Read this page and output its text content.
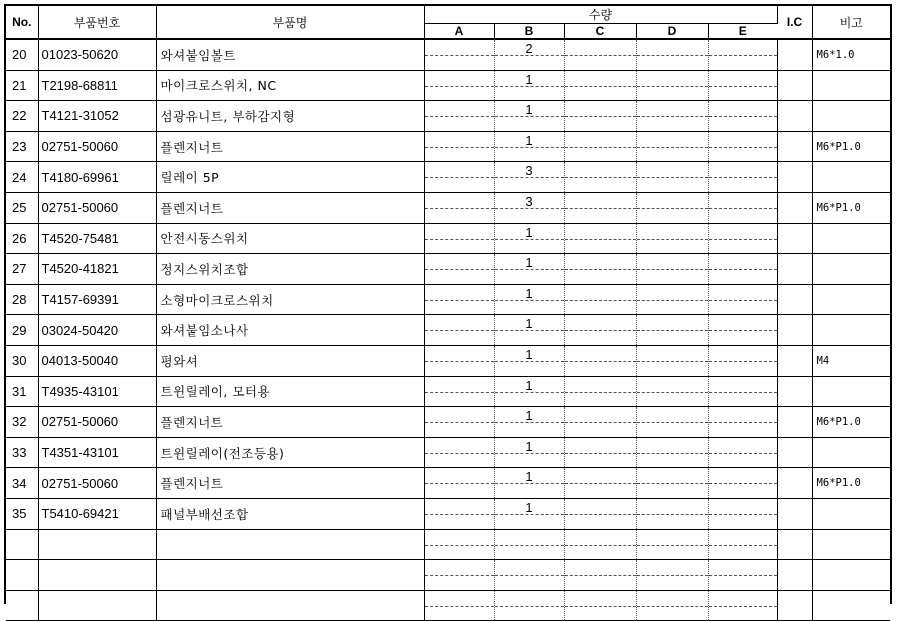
No.	부품번호	부품명	수량					I.C	비고
			A	B	C	D	E		
20	01023-50620	와셔붙임볼트		2					M6*1.0
21	T2198-68811	마이크로스위치, NC		1					

22	T4121-31052	섬광유니트, 부하감지형		1					

23	02751-50060	플렌지너트		1					M6*P1.0
24	T4180-69961	릴레이 5P		3					

25	02751-50060	플렌지너트		3					M6*P1.0
26	T4520-75481	안전시동스위치		1					

27	T4520-41821	정지스위치조합		1					

28	T4157-69391	소형마이크로스위치		1					

29	03024-50420	와셔붙임소나사		1					

30	04013-50040	평와셔		1					M4
31	T4935-43101	트윈릴레이, 모터용		1					

32	02751-50060	플렌지너트		1					M6*P1.0
33	T4351-43101	트윈릴레이(전조등용)		1					

34	02751-50060	플렌지너트		1					M6*P1.0
35	T5410-69421	패널부배선조합		1					
